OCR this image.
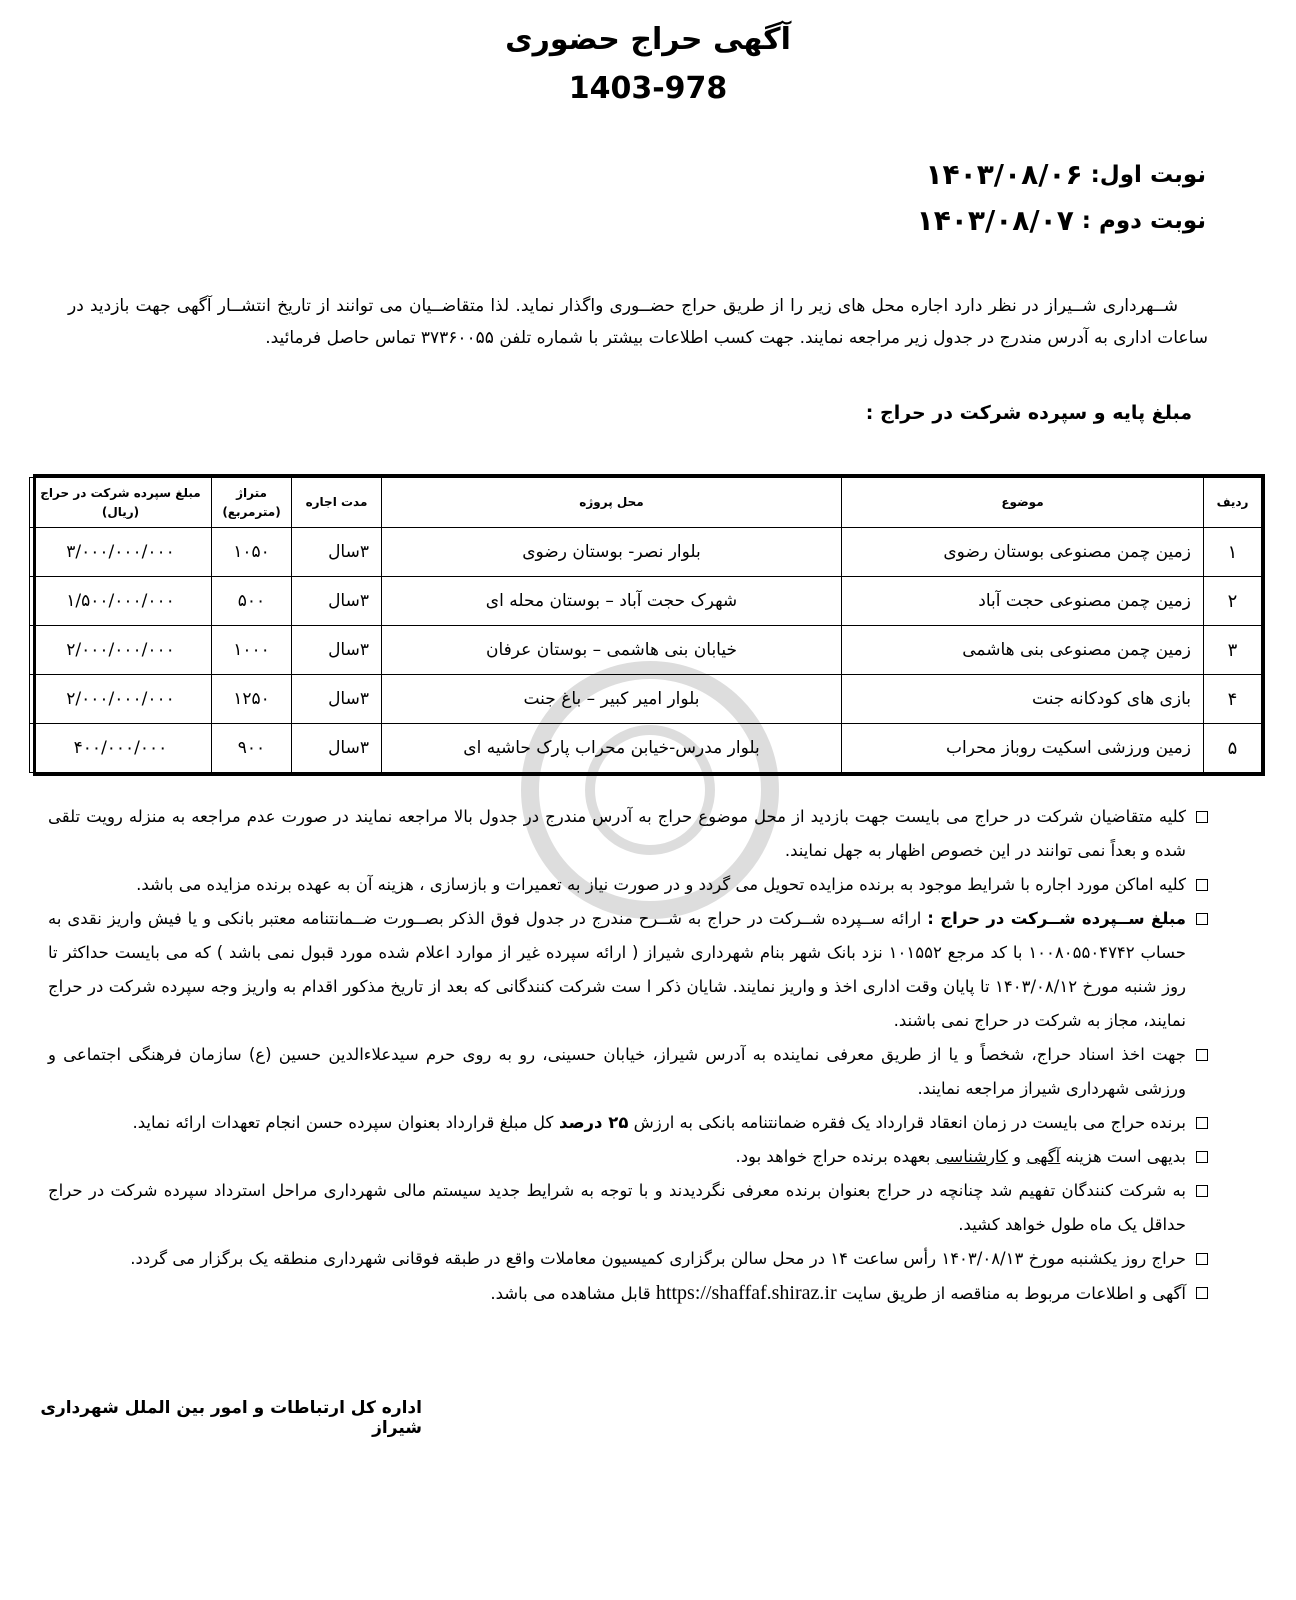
آگهی حراج حضوری
1403-978
نوبت اول:
۱۴۰۳/۰۸/۰۶
نوبت دوم :
۱۴۰۳/۰۸/۰۷

شــهرداری شــیراز در نظر دارد اجاره محل های زیر را از طریق حراج حضــوری واگذار نماید. لذا متقاضــیان می توانند از تاریخ انتشــار آگهی جهت بازدید در ساعات اداری به آدرس مندرج در جدول زیر مراجعه نمایند. جهت کسب اطلاعات بیشتر با شماره تلفن ۳۷۳۶۰۰۵۵ تماس حاصل فرمائید.

مبلغ پایه و سپرده شرکت در حراج :
ردیف	موضوع	محل پروژه	مدت اجاره	متراژ (مترمربع)	مبلغ سپرده شرکت در حراج (ریال)
۱	زمین چمن مصنوعی بوستان رضوی	بلوار نصر- بوستان رضوی	۳سال	۱۰۵۰	۳/۰۰۰/۰۰۰/۰۰۰
۲	زمین چمن مصنوعی حجت آباد	شهرک حجت آباد – بوستان محله ای	۳سال	۵۰۰	۱/۵۰۰/۰۰۰/۰۰۰
۳	زمین چمن مصنوعی بنی هاشمی	خیابان بنی هاشمی – بوستان عرفان	۳سال	۱۰۰۰	۲/۰۰۰/۰۰۰/۰۰۰
۴	بازی های کودکانه جنت	بلوار امیر کبیر – باغ جنت	۳سال	۱۲۵۰	۲/۰۰۰/۰۰۰/۰۰۰
۵	زمین ورزشی اسکیت روباز محراب	بلوار مدرس-خیابن محراب پارک حاشیه ای	۳سال	۹۰۰	۴۰۰/۰۰۰/۰۰۰
کلیه متقاضیان شرکت در حراج می بایست جهت بازدید از محل موضوع حراج به آدرس مندرج در جدول بالا مراجعه نمایند در صورت عدم مراجعه به منزله رویت تلقی شده و بعداً نمی توانند در این خصوص اظهار به جهل نمایند.
کلیه اماکن مورد اجاره با شرایط موجود به برنده مزایده تحویل می گردد و در صورت نیاز به تعمیرات و بازسازی ، هزینه آن به عهده برنده مزایده می باشد.
مبلغ ســپرده شــرکت در حراج : ارائه ســپرده شــرکت در حراج به شــرح مندرج در جدول فوق الذکر بصــورت ضــمانتنامه معتبر بانکی و یا فیش واریز نقدی به حساب ۱۰۰۸۰۵۵۰۴۷۴۲ با کد مرجع ۱۰۱۵۵۲ نزد بانک شهر بنام شهرداری شیراز ( ارائه سپرده غیر از موارد اعلام شده مورد قبول نمی باشد ) که می بایست حداکثر تا روز شنبه مورخ ۱۴۰۳/۰۸/۱۲ تا پایان وقت اداری اخذ و واریز نمایند. شایان ذکر ا ست شرکت کنندگانی که بعد از تاریخ مذکور اقدام به واریز وجه سپرده شرکت در حراج نمایند، مجاز به شرکت در حراج نمی باشند.
جهت اخذ اسناد حراج، شخصاً و یا از طریق معرفی نماینده به آدرس شیراز، خیابان حسینی، رو به روی حرم سیدعلاءالدین حسین (ع) سازمان فرهنگی اجتماعی و ورزشی شهرداری شیراز مراجعه نمایند.
برنده حراج می بایست در زمان انعقاد قرارداد یک فقره ضمانتنامه بانکی به ارزش ۲۵ درصد کل مبلغ قرارداد بعنوان سپرده حسن انجام تعهدات ارائه نماید.
بدیهی است هزینه آگهی و کارشناسی بعهده برنده حراج خواهد بود.
به شرکت کنندگان تفهیم شد چنانچه در حراج بعنوان برنده معرفی نگردیدند و با توجه به شرایط جدید سیستم مالی شهرداری مراحل استرداد سپرده شرکت در حراج حداقل یک ماه طول خواهد کشید.
حراج روز یکشنبه مورخ ۱۴۰۳/۰۸/۱۳ رأس ساعت ۱۴ در محل سالن برگزاری کمیسیون معاملات واقع در طبقه فوقانی شهرداری منطقه یک برگزار می گردد.
آگهی و اطلاعات مربوط به مناقصه از طریق سایت https://shaffaf.shiraz.ir قابل مشاهده می باشد.
اداره کل ارتباطات و امور بین الملل شهرداری شیراز
